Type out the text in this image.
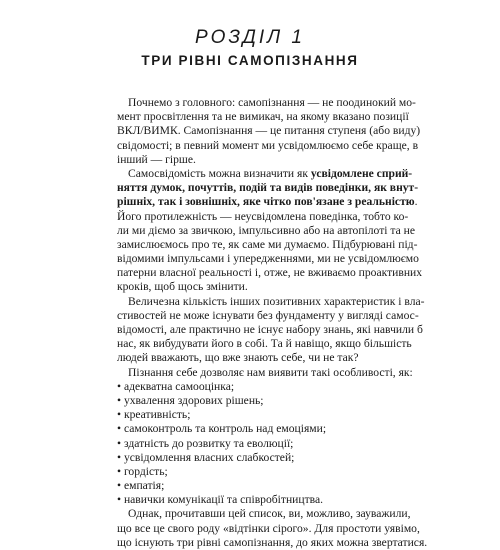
РОЗДІЛ 1
ТРИ РІВНІ САМОПІЗНАННЯ
Почнемо з головного: самопізнання — не поодинокий мо-
мент просвітлення та не вимикач, на якому вказано позиції
ВКЛ/ВИМК. Самопізнання — це питання ступеня (або виду)
свідомості; в певний момент ми усвідомлюємо себе краще, в
інший — гірше.
Самосвідомість можна визначити як усвідомлене сприй-
няття думок, почуттів, подій та видів поведінки, як внут-
рішніх, так і зовнішніх, яке чітко пов'язане з реальністю.
Його протилежність — неусвідомлена поведінка, тобто ко-
ли ми діємо за звичкою, імпульсивно або на автопілоті та не
замислюємось про те, як саме ми думаємо. Підбурювані під-
відомими імпульсами і упередженнями, ми не усвідомлюємо
патерни власної реальності і, отже, не вживаємо проактивних
кроків, щоб щось змінити.
Величезна кількість інших позитивних характеристик і вла-
стивостей не може існувати без фундаменту у вигляді самос-
відомості, але практично не існує набору знань, які навчили б
нас, як вибудувати його в собі. Та й навіщо, якщо більшість
людей вважають, що вже знають себе, чи не так?
Пізнання себе дозволяє нам виявити такі особливості, як:
• адекватна самооцінка;
• ухвалення здорових рішень;
• креативність;
• самоконтроль та контроль над емоціями;
• здатність до розвитку та еволюції;
• усвідомлення власних слабкостей;
• гордість;
• емпатія;
• навички комунікації та співробітництва.
Однак, прочитавши цей список, ви, можливо, зауважили,
що все це свого роду «відтінки сірого». Для простоти уявімо,
що існують три рівні самопізнання, до яких можна звертатися.
